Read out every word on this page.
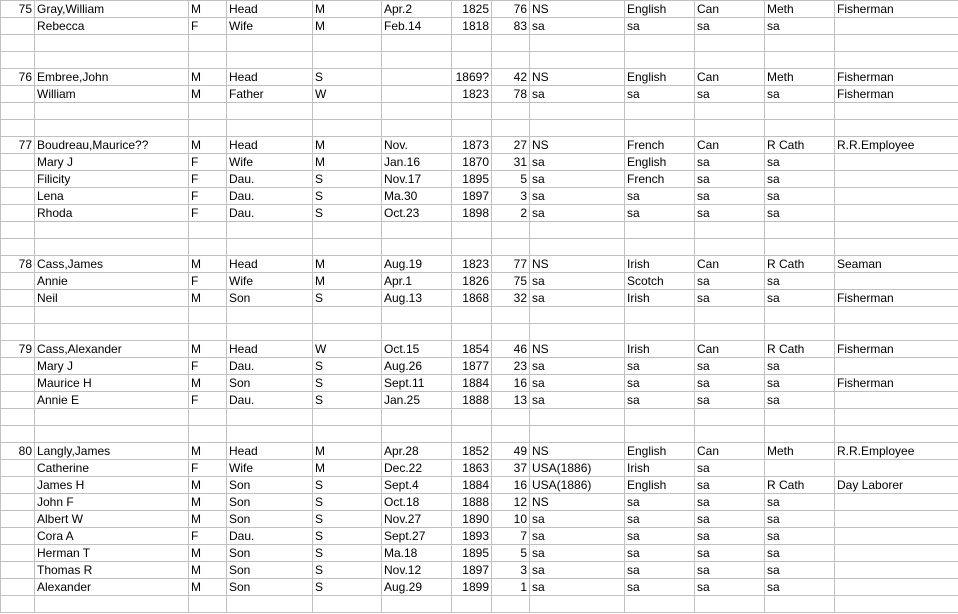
75	Gray,William	M	Head	M	Apr.2	1825	76	NS	English	Can	Meth	Fisherman
	Rebecca	F	Wife	M	Feb.14	1818	83	sa	sa	sa	sa	

76	Embree,John	M	Head	S		1869?	42	NS	English	Can	Meth	Fisherman
	William	M	Father	W		1823	78	sa	sa	sa	sa	Fisherman

77	Boudreau,Maurice??	M	Head	M	Nov.	1873	27	NS	French	Can	R Cath	R.R.Employee
	Mary J	F	Wife	M	Jan.16	1870	31	sa	English	sa	sa	
	Filicity	F	Dau.	S	Nov.17	1895	5	sa	French	sa	sa	
	Lena	F	Dau.	S	Ma.30	1897	3	sa	sa	sa	sa	
	Rhoda	F	Dau.	S	Oct.23	1898	2	sa	sa	sa	sa	

78	Cass,James	M	Head	M	Aug.19	1823	77	NS	Irish	Can	R Cath	Seaman
	Annie	F	Wife	M	Apr.1	1826	75	sa	Scotch	sa	sa	
	Neil	M	Son	S	Aug.13	1868	32	sa	Irish	sa	sa	Fisherman

79	Cass,Alexander	M	Head	W	Oct.15	1854	46	NS	Irish	Can	R Cath	Fisherman
	Mary J	F	Dau.	S	Aug.26	1877	23	sa	sa	sa	sa	
	Maurice H	M	Son	S	Sept.11	1884	16	sa	sa	sa	sa	Fisherman
	Annie E	F	Dau.	S	Jan.25	1888	13	sa	sa	sa	sa	

80	Langly,James	M	Head	M	Apr.28	1852	49	NS	English	Can	Meth	R.R.Employee
	Catherine	F	Wife	M	Dec.22	1863	37	USA(1886)	Irish	sa		
	James H	M	Son	S	Sept.4	1884	16	USA(1886)	English	sa	R Cath	Day Laborer
	John F	M	Son	S	Oct.18	1888	12	NS	sa	sa	sa	
	Albert W	M	Son	S	Nov.27	1890	10	sa	sa	sa	sa	
	Cora A	F	Dau.	S	Sept.27	1893	7	sa	sa	sa	sa	
	Herman T	M	Son	S	Ma.18	1895	5	sa	sa	sa	sa	
	Thomas R	M	Son	S	Nov.12	1897	3	sa	sa	sa	sa	
	Alexander	M	Son	S	Aug.29	1899	1	sa	sa	sa	sa	
